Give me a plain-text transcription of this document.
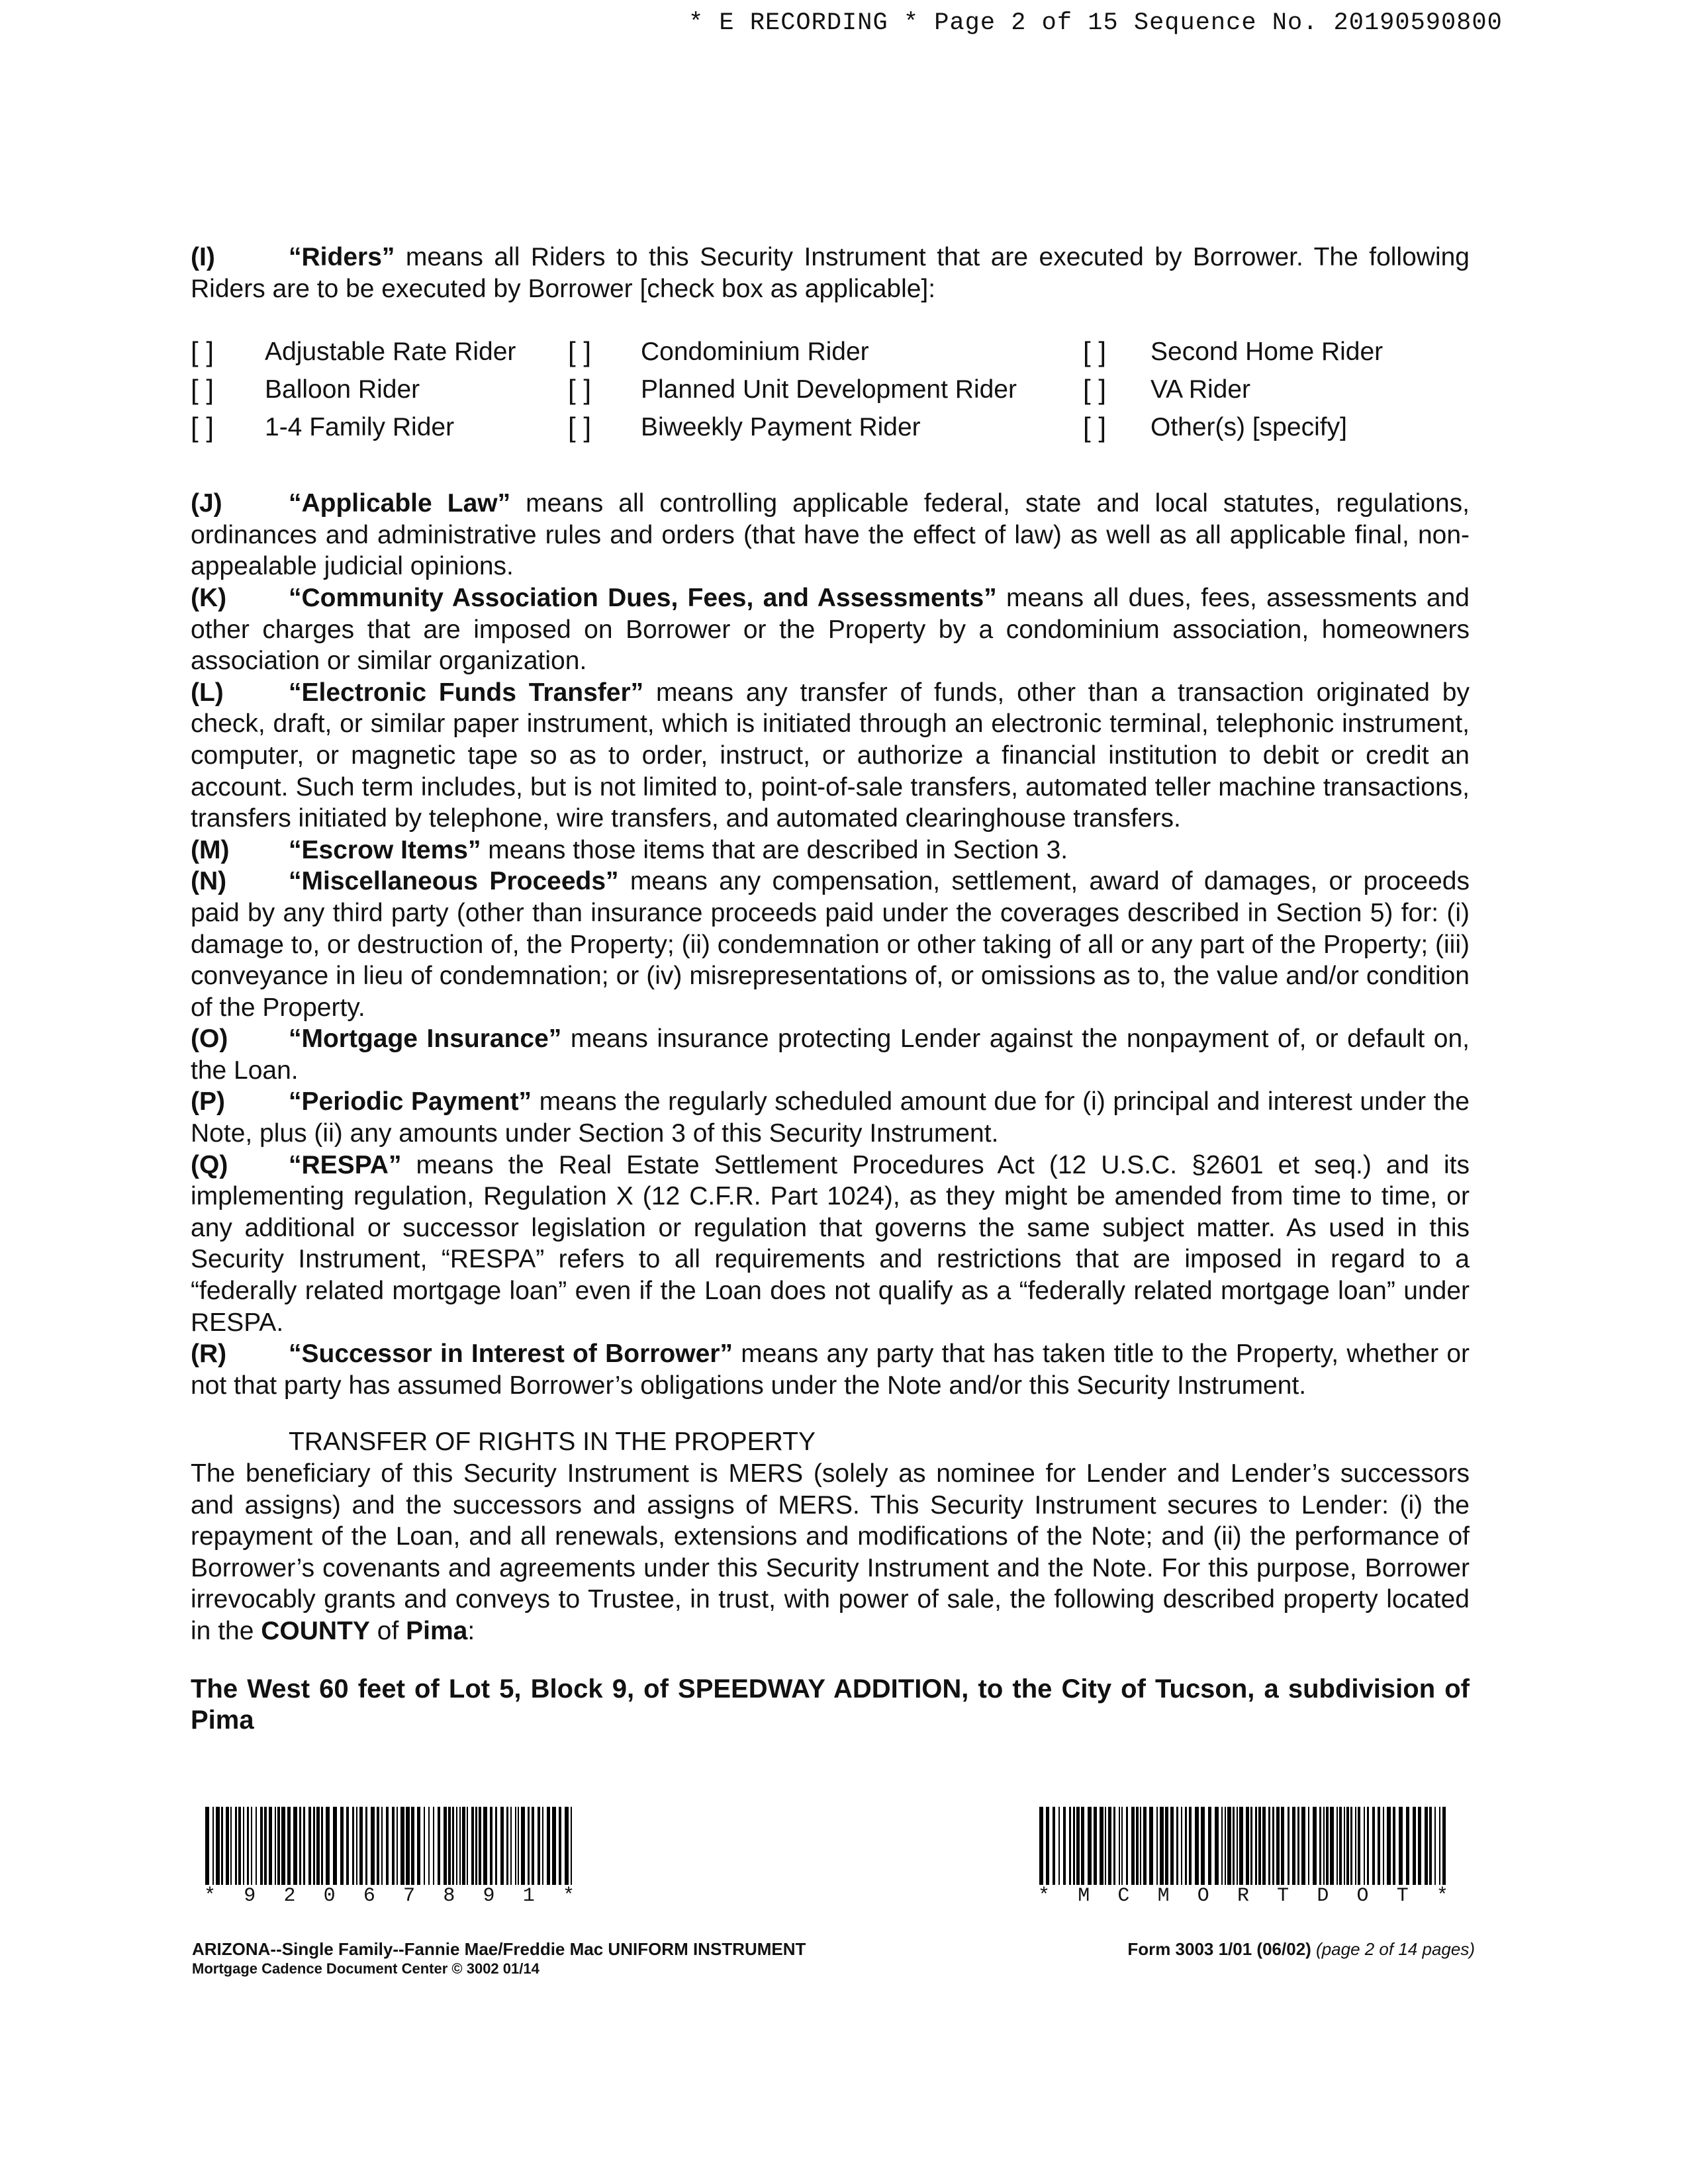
* E RECORDING * Page 2 of 15 Sequence No. 20190590800

(I)	“Riders” means all Riders to this Security Instrument that are executed by Borrower. The following Riders are to be executed by Borrower [check box as applicable]:

[ ] Adjustable Rate Rider [ ] Condominium Rider	[ ] Second Home Rider
[ ] Balloon Rider	[ ] Planned Unit Development Rider [ ] VA Rider
[ ] 1-4 Family Rider	[ ] Biweekly Payment Rider	[ ] Other(s) [specify]

(J)	“Applicable Law” means all controlling applicable federal, state and local statutes, regulations, ordinances and administrative rules and orders (that have the effect of law) as well as all applicable final, non-appealable judicial opinions.

(K) “Community Association Dues, Fees, and Assessments” means all dues, fees, assessments and other charges that are imposed on Borrower or the Property by a condominium association, homeowners association or similar organization.

(L)	“Electronic Funds Transfer” means any transfer of funds, other than a transaction originated by check, draft, or similar paper instrument, which is initiated through an electronic terminal, telephonic instrument, computer, or magnetic tape so as to order, instruct, or authorize a financial institution to debit or credit an account. Such term includes, but is not limited to, point-of-sale transfers, automated teller machine transactions, transfers initiated by telephone, wire transfers, and automated clearinghouse transfers.

(M) “Escrow Items” means those items that are described in Section 3.

(N) “Miscellaneous Proceeds” means any compensation, settlement, award of damages, or proceeds paid by any third party (other than insurance proceeds paid under the coverages described in Section 5) for: (i) damage to, or destruction of, the Property; (ii) condemnation or other taking of all or any part of the Property; (iii) conveyance in lieu of condemnation; or (iv) misrepresentations of, or omissions as to, the value and/or condition of the Property.

(O) “Mortgage Insurance” means insurance protecting Lender against the nonpayment of, or default on, the Loan.

(P) “Periodic Payment” means the regularly scheduled amount due for (i) principal and interest under the Note, plus (ii) any amounts under Section 3 of this Security Instrument.

(Q) “RESPA” means the Real Estate Settlement Procedures Act (12 U.S.C. §2601 et seq.) and its implementing regulation, Regulation X (12 C.F.R. Part 1024), as they might be amended from time to time, or any additional or successor legislation or regulation that governs the same subject matter. As used in this Security Instrument, “RESPA” refers to all requirements and restrictions that are imposed in regard to a “federally related mortgage loan” even if the Loan does not qualify as a “federally related mortgage loan” under RESPA.

(R) “Successor in Interest of Borrower” means any party that has taken title to the Property, whether or not that party has assumed Borrower’s obligations under the Note and/or this Security Instrument.

TRANSFER OF RIGHTS IN THE PROPERTY

The beneficiary of this Security Instrument is MERS (solely as nominee for Lender and Lender’s successors and assigns) and the successors and assigns of MERS. This Security Instrument secures to Lender: (i) the repayment of the Loan, and all renewals, extensions and modifications of the Note; and (ii) the performance of Borrower’s covenants and agreements under this Security Instrument and the Note. For this purpose, Borrower irrevocably grants and conveys to Trustee, in trust, with power of sale, the following described property located in the COUNTY of Pima:

The West 60 feet of Lot 5, Block 9, of SPEEDWAY ADDITION, to the City of Tucson, a subdivision of Pima

* 9 2 0 6 7 8 9 1 *	* M C M O R T D O T *
ARIZONA--Single Family--Fannie Mae/Freddie Mac UNIFORM INSTRUMENT
Mortgage Cadence Document Center © 3002 01/14
Form 3003 1/01 (06/02) (page 2 of 14 pages)
